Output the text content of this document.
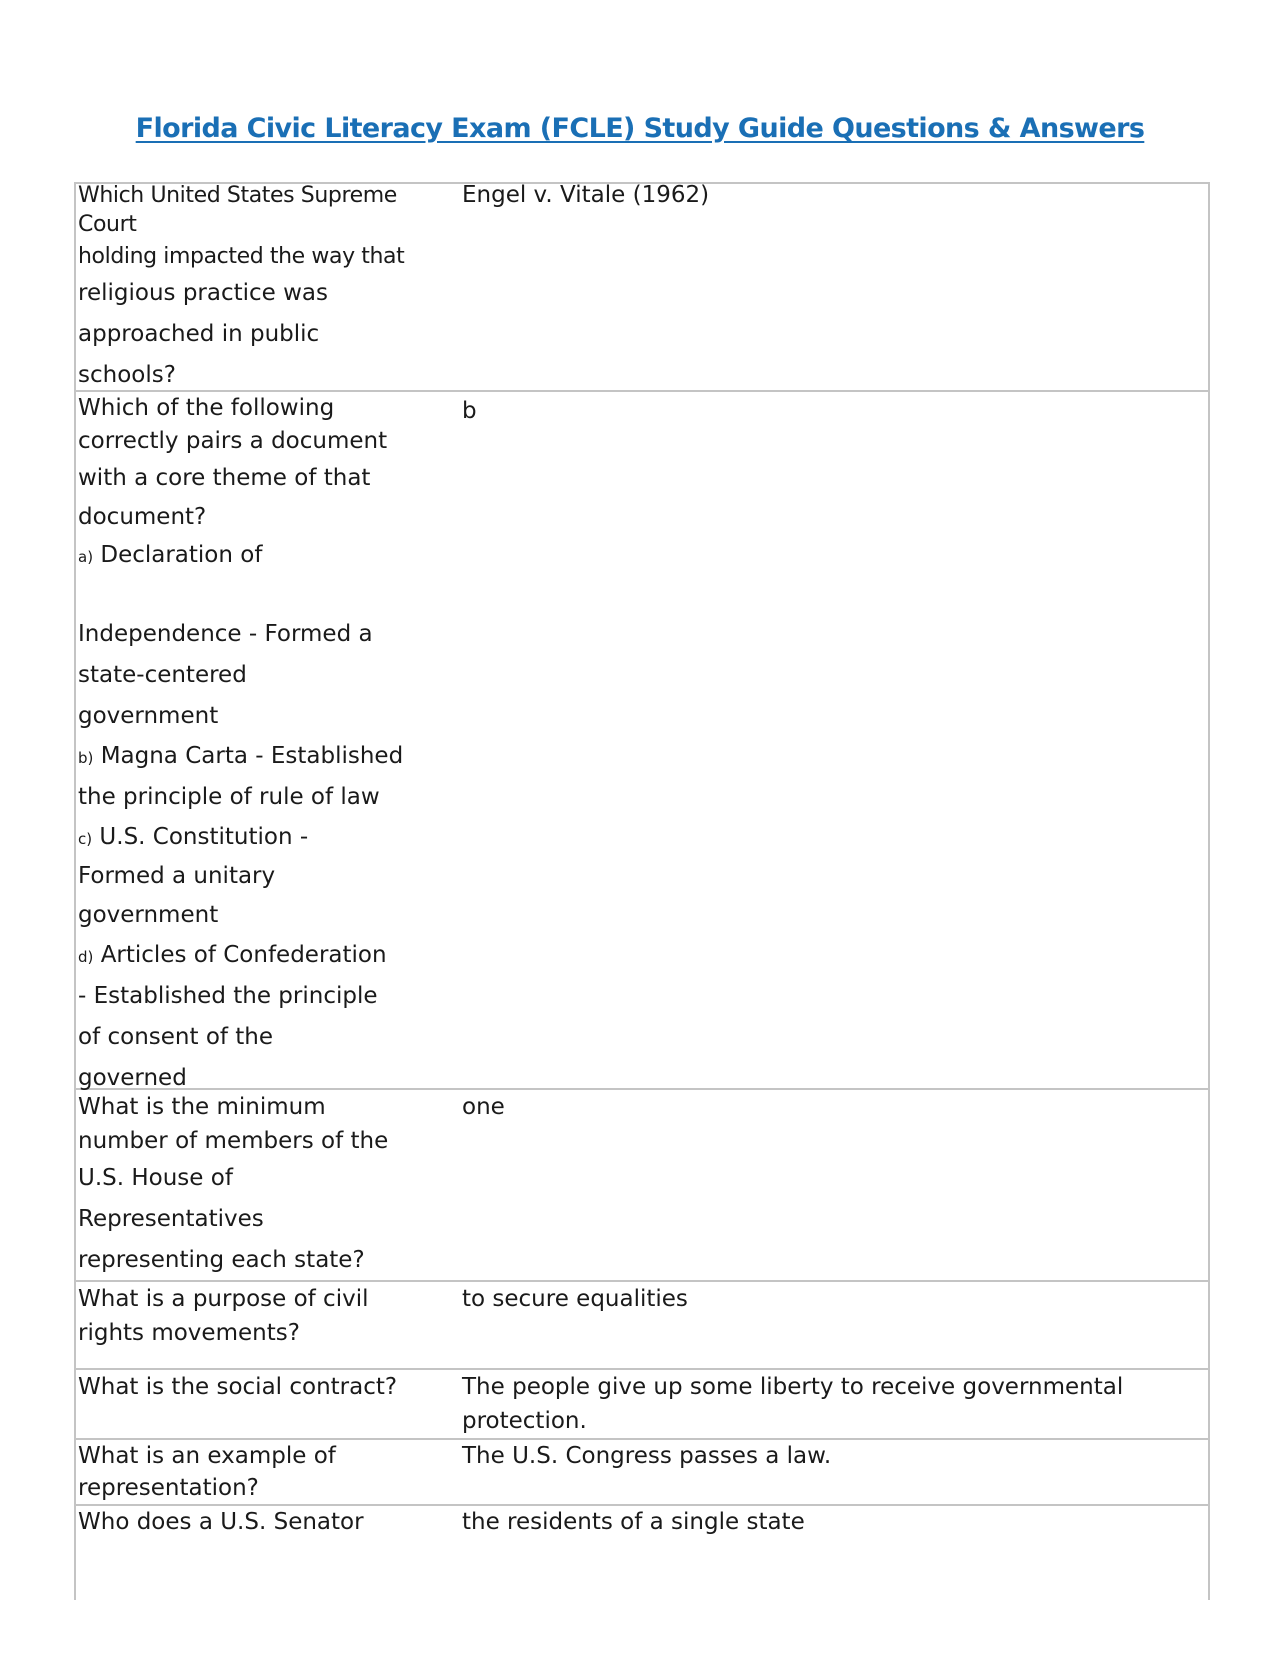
Florida Civic Literacy Exam (FCLE) Study Guide Questions & Answers
Which United States Supreme
Court
holding impacted the way that
religious practice was
approached in public
schools?
Engel v. Vitale (1962)
Which of the following
correctly pairs a document
with a core theme of that
document?
a) Declaration of
Independence - Formed a
state-centered
government
b) Magna Carta - Established
the principle of rule of law
c) U.S. Constitution -
Formed a unitary
government
d) Articles of Confederation
- Established the principle
of consent of the
governed
b
What is the minimum
number of members of the
U.S. House of
Representatives
representing each state?
one
What is a purpose of civil
rights movements?
to secure equalities
What is the social contract?	The people give up some liberty to receive governmental protection.
What is an example of
representation?
The U.S. Congress passes a law.
Who does a U.S. Senator	the residents of a single state
